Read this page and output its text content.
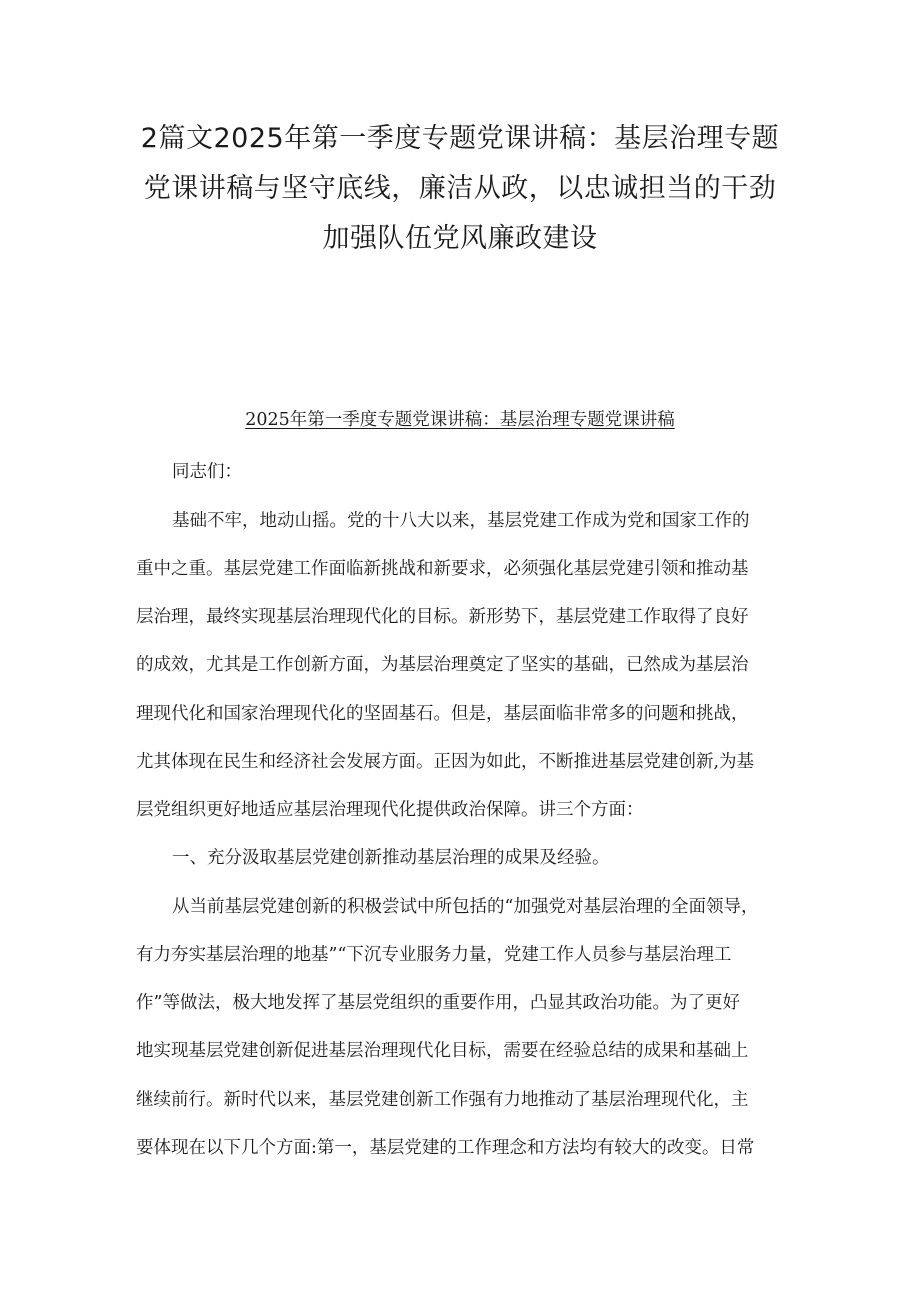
2篇文2025年第一季度专题党课讲稿：基层治理专题
党课讲稿与坚守底线，廉洁从政，以忠诚担当的干劲
加强队伍党风廉政建设
2025年第一季度专题党课讲稿：基层治理专题党课讲稿

同志们：

基础不牢，地动山摇。党的十八大以来，基层党建工作成为党和国家工作的

重中之重。基层党建工作面临新挑战和新要求，必须强化基层党建引领和推动基

层治理，最终实现基层治理现代化的目标。新形势下，基层党建工作取得了良好

的成效，尤其是工作创新方面，为基层治理奠定了坚实的基础，已然成为基层治

理现代化和国家治理现代化的坚固基石。但是，基层面临非常多的问题和挑战，

尤其体现在民生和经济社会发展方面。正因为如此，不断推进基层党建创新,为基

层党组织更好地适应基层治理现代化提供政治保障。讲三个方面：

一、充分汲取基层党建创新推动基层治理的成果及经验。

从当前基层党建创新的积极尝试中所包括的“加强党对基层治理的全面领导，

有力夯实基层治理的地基”“下沉专业服务力量，党建工作人员参与基层治理工

作”等做法，极大地发挥了基层党组织的重要作用，凸显其政治功能。为了更好

地实现基层党建创新促进基层治理现代化目标，需要在经验总结的成果和基础上

继续前行。新时代以来，基层党建创新工作强有力地推动了基层治理现代化，主

要体现在以下几个方面:第一，基层党建的工作理念和方法均有较大的改变。日常
